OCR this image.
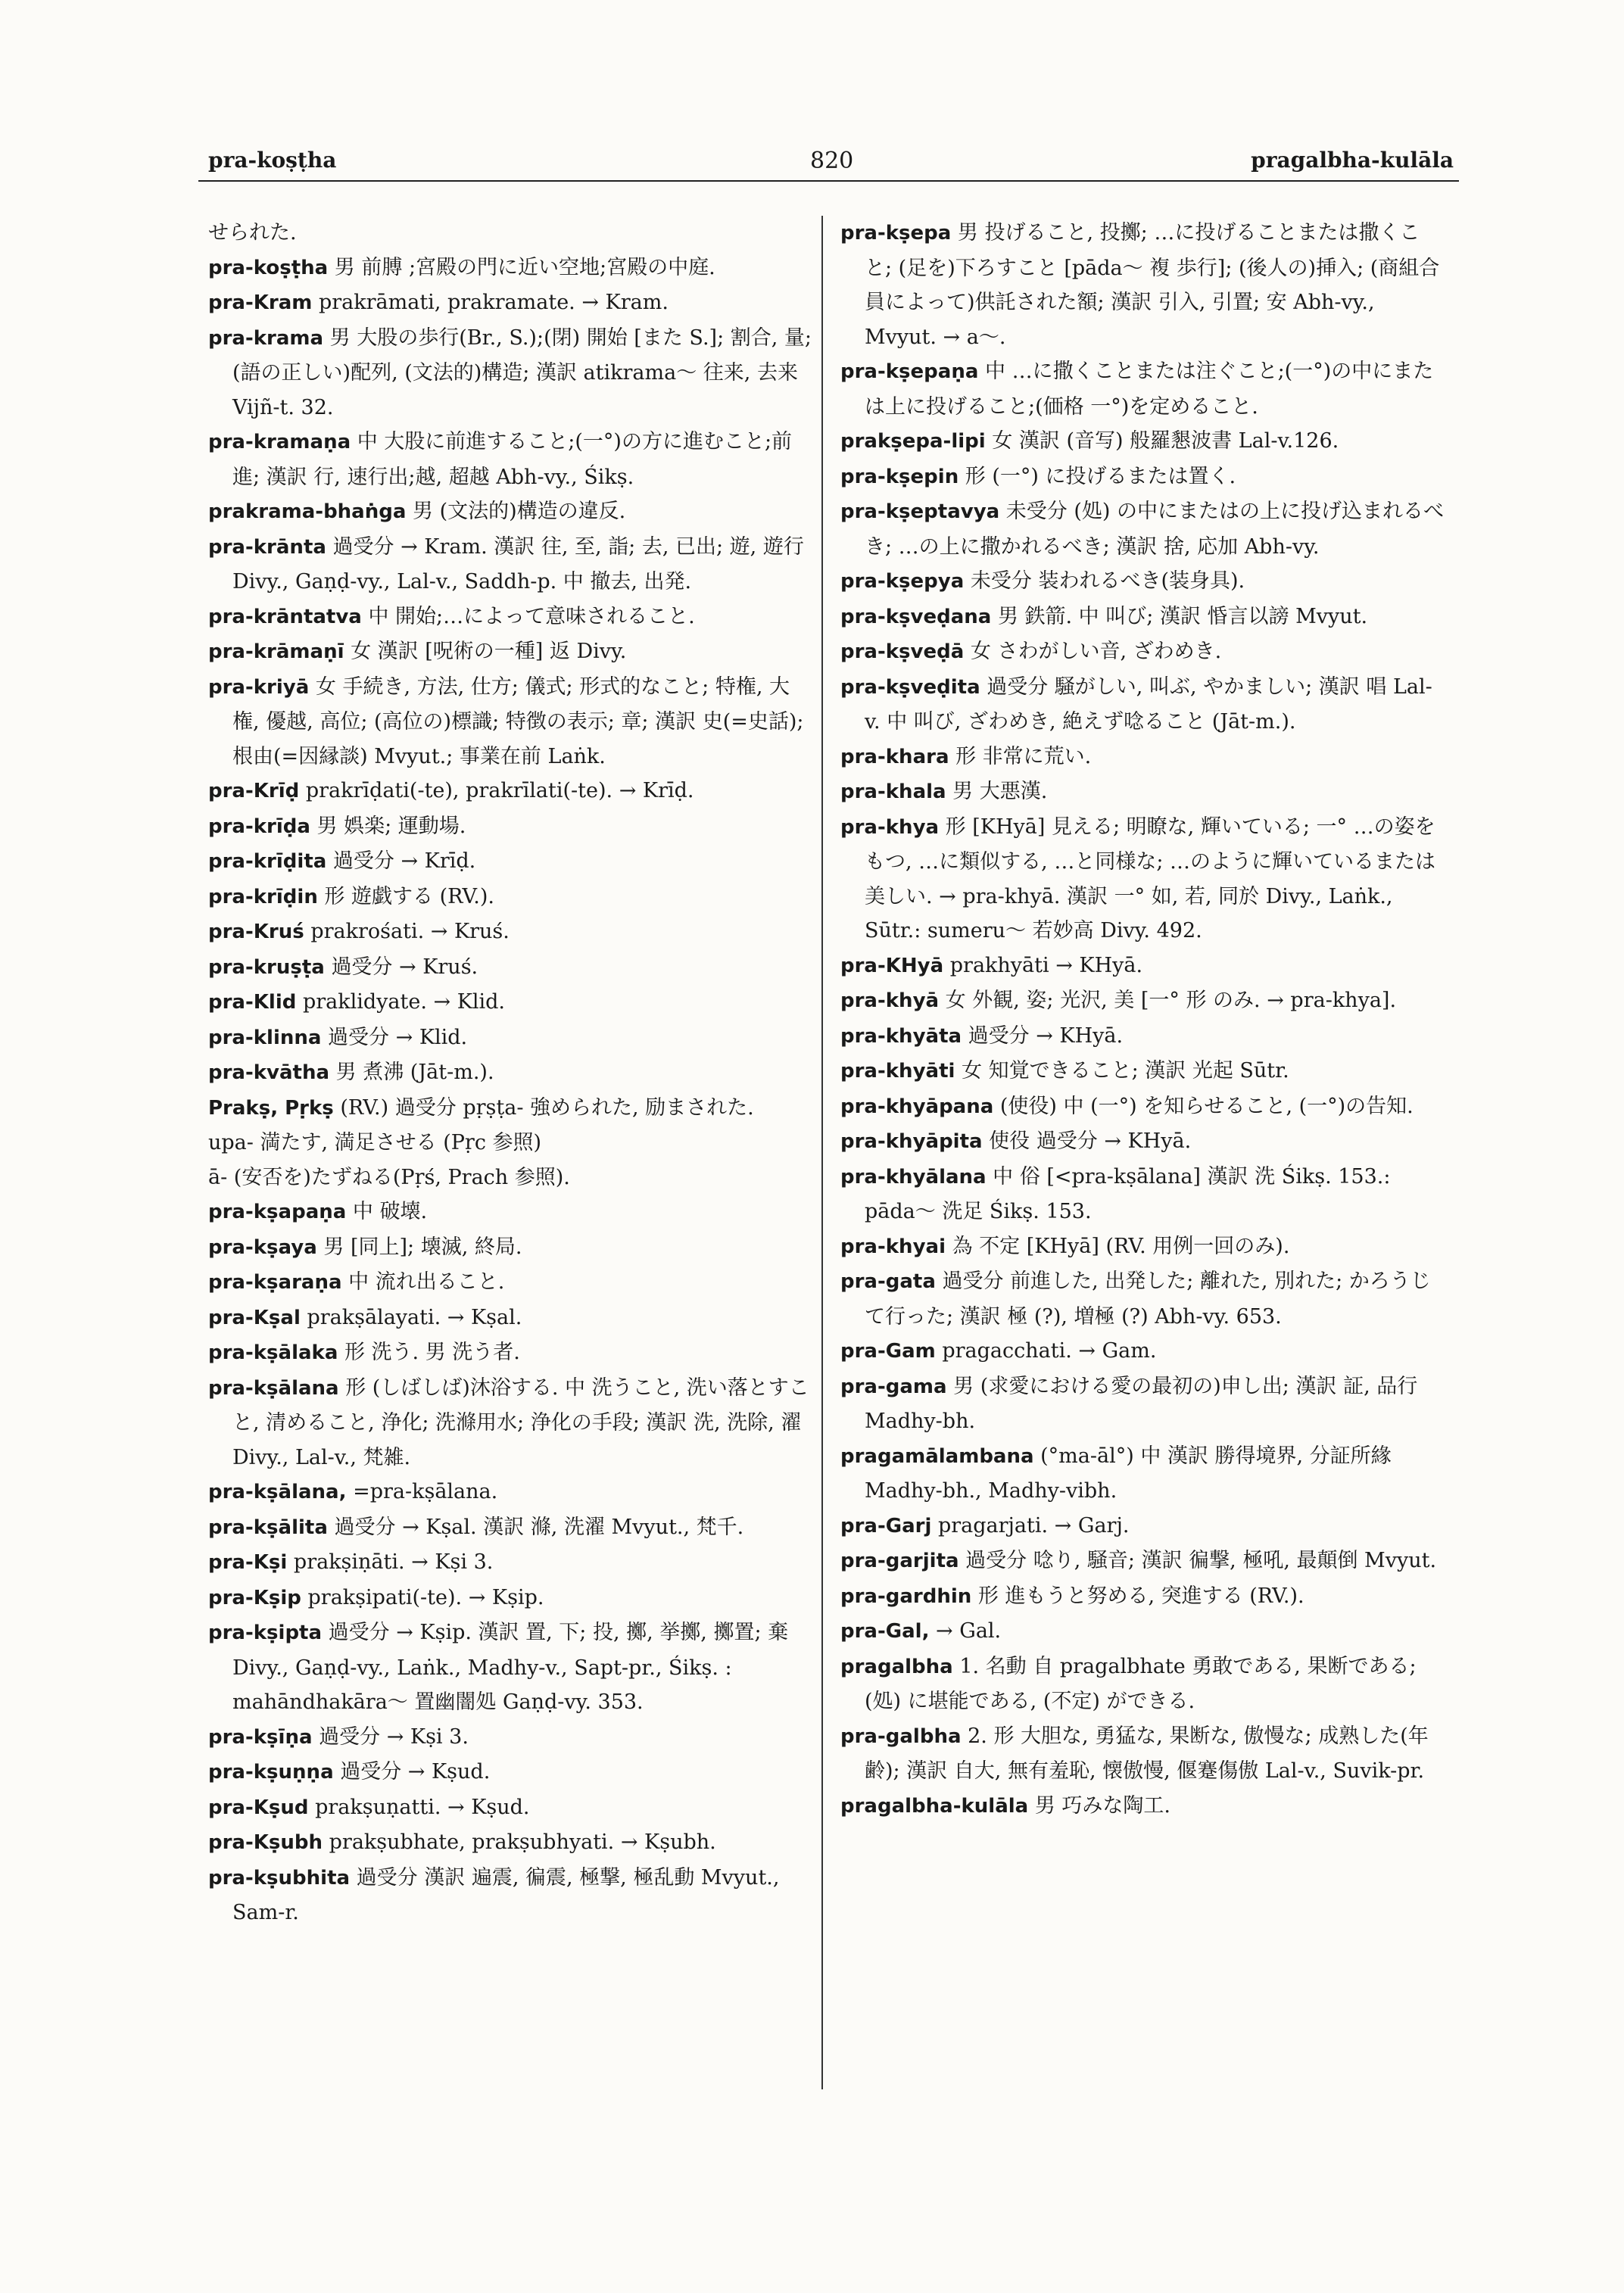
pra-koṣṭha	820	pragalbha-kulāla

せられた.

pra-koṣṭha 男 前膊 ;宮殿の門に近い空地;宮殿の中庭.

pra-Kram prakrāmati, prakramate. → Kram.

pra-krama 男 大股の歩行(Br., S.);(閉) 開始 [また S.]; 割合, 量; (語の正しい)配列, (文法的)構造; 漢訳 atikrama～ 往来, 去来 Vijñ-t. 32.

pra-kramaṇa 中 大股に前進すること;(一°)の方に進むこと;前進; 漢訳 行, 速行出;越, 超越 Abh-vy., Śikṣ.

prakrama-bhaṅga 男 (文法的)構造の違反.

pra-krānta 過受分 → Kram. 漢訳 往, 至, 詣; 去, 已出; 遊, 遊行 Divy., Gaṇḍ-vy., Lal-v., Saddh-p. 中 撤去, 出発.

pra-krāntatva 中 開始;…によって意味されること.

pra-krāmaṇī 女 漢訳 [呪術の一種] 返 Divy.

pra-kriyā 女 手続き, 方法, 仕方; 儀式; 形式的なこと; 特権, 大権, 優越, 高位; (高位の)標識; 特徴の表示; 章; 漢訳 史(=史話); 根由(=因縁談) Mvyut.; 事業在前 Laṅk.

pra-Krīḍ prakrīḍati(-te), prakrīlati(-te). → Krīḍ.

pra-krīḍa 男 娯楽; 運動場.

pra-krīḍita 過受分 → Krīḍ.

pra-krīḍin 形 遊戯する (RV.).

pra-Kruś prakrośati. → Kruś.

pra-kruṣṭa 過受分 → Kruś.

pra-Klid praklidyate. → Klid.

pra-klinna 過受分 → Klid.

pra-kvātha 男 煮沸 (Jāt-m.).

Prakṣ, Pṛkṣ (RV.) 過受分 pṛṣṭa- 強められた, 励まされた.

upa- 満たす, 満足させる (Pṛc 参照)

ā- (安否を)たずねる(Pṛś, Prach 参照).

pra-kṣapaṇa 中 破壊.

pra-kṣaya 男 [同上]; 壊滅, 終局.

pra-kṣaraṇa 中 流れ出ること.

pra-Kṣal prakṣālayati. → Kṣal.

pra-kṣālaka 形 洗う. 男 洗う者.

pra-kṣālana 形 (しばしば)沐浴する. 中 洗うこと, 洗い落とすこと, 清めること, 浄化; 洗滌用水; 浄化の手段; 漢訳 洗, 洗除, 濯 Divy., Lal-v., 梵雑.

pra-kṣālana, =pra-kṣālana.

pra-kṣālita 過受分 → Kṣal. 漢訳 滌, 洗濯 Mvyut., 梵千.

pra-Kṣi prakṣiṇāti. → Kṣi 3.

pra-Kṣip prakṣipati(-te). → Kṣip.

pra-kṣipta 過受分 → Kṣip. 漢訳 置, 下; 投, 擲, 挙擲, 擲置; 棄 Divy., Gaṇḍ-vy., Laṅk., Madhy-v., Sapt-pr., Śikṣ. : mahāndhakāra～ 置幽闇処 Gaṇḍ-vy. 353.

pra-kṣīṇa 過受分 → Kṣi 3.

pra-kṣuṇṇa 過受分 → Kṣud.

pra-Kṣud prakṣuṇatti. → Kṣud.

pra-Kṣubh prakṣubhate, prakṣubhyati. → Kṣubh.

pra-kṣubhita 過受分 漢訳 遍震, 徧震, 極撃, 極乱動 Mvyut., Sam-r.

pra-kṣepa 男 投げること, 投擲; …に投げることまたは撒くこと; (足を)下ろすこと [pāda～ 複 歩行]; (後人の)挿入; (商組合員によって)供託された額; 漢訳 引入, 引置; 安 Abh-vy., Mvyut. → a～.

pra-kṣepaṇa 中 …に撒くことまたは注ぐこと;(一°)の中にまたは上に投げること;(価格 一°)を定めること.

prakṣepa-lipi 女 漢訳 (音写) 般羅懇波書 Lal-v.126.

pra-kṣepin 形 (一°) に投げるまたは置く.

pra-kṣeptavya 未受分 (処) の中にまたはの上に投げ込まれるべき; …の上に撒かれるべき; 漢訳 捨, 応加 Abh-vy.

pra-kṣepya 未受分 装われるべき(装身具).

pra-kṣveḍana 男 鉄箭. 中 叫び; 漢訳 惛言以謗 Mvyut.

pra-kṣveḍā 女 さわがしい音, ざわめき.

pra-kṣveḍita 過受分 騒がしい, 叫ぶ, やかましい; 漢訳 唱 Lal-v. 中 叫び, ざわめき, 絶えず唸ること (Jāt-m.).

pra-khara 形 非常に荒い.

pra-khala 男 大悪漢.

pra-khya 形 [KHyā] 見える; 明瞭な, 輝いている; 一° …の姿をもつ, …に類似する, …と同様な; …のように輝いているまたは美しい. → pra-khyā. 漢訳 一° 如, 若, 同於 Divy., Laṅk., Sūtr.: sumeru～ 若妙高 Divy. 492.

pra-KHyā prakhyāti → KHyā.

pra-khyā 女 外観, 姿; 光沢, 美 [一° 形 のみ. → pra-khya].

pra-khyāta 過受分 → KHyā.

pra-khyāti 女 知覚できること; 漢訳 光起 Sūtr.

pra-khyāpana (使役) 中 (一°) を知らせること, (一°)の告知.

pra-khyāpita 使役 過受分 → KHyā.

pra-khyālana 中 俗 [<pra-kṣālana] 漢訳 洗 Śikṣ. 153.: pāda～ 洗足 Śikṣ. 153.

pra-khyai 為 不定 [KHyā] (RV. 用例一回のみ).

pra-gata 過受分 前進した, 出発した; 離れた, 別れた; かろうじて行った; 漢訳 極 (?), 増極 (?) Abh-vy. 653.

pra-Gam pragacchati. → Gam.

pra-gama 男 (求愛における愛の最初の)申し出; 漢訳 証, 品行 Madhy-bh.

pragamālambana (°ma-āl°) 中 漢訳 勝得境界, 分証所緣 Madhy-bh., Madhy-vibh.

pra-Garj pragarjati. → Garj.

pra-garjita 過受分 唸り, 騒音; 漢訳 徧撃, 極吼, 最顛倒 Mvyut.

pra-gardhin 形 進もうと努める, 突進する (RV.).

pra-Gal, → Gal.

pragalbha 1. 名動 自 pragalbhate 勇敢である, 果断である; (処) に堪能である, (不定) ができる.

pra-galbha 2. 形 大胆な, 勇猛な, 果断な, 傲慢な; 成熟した(年齢); 漢訳 自大, 無有羞恥, 懐傲慢, 偃蹇傷傲 Lal-v., Suvik-pr.

pragalbha-kulāla 男 巧みな陶工.
